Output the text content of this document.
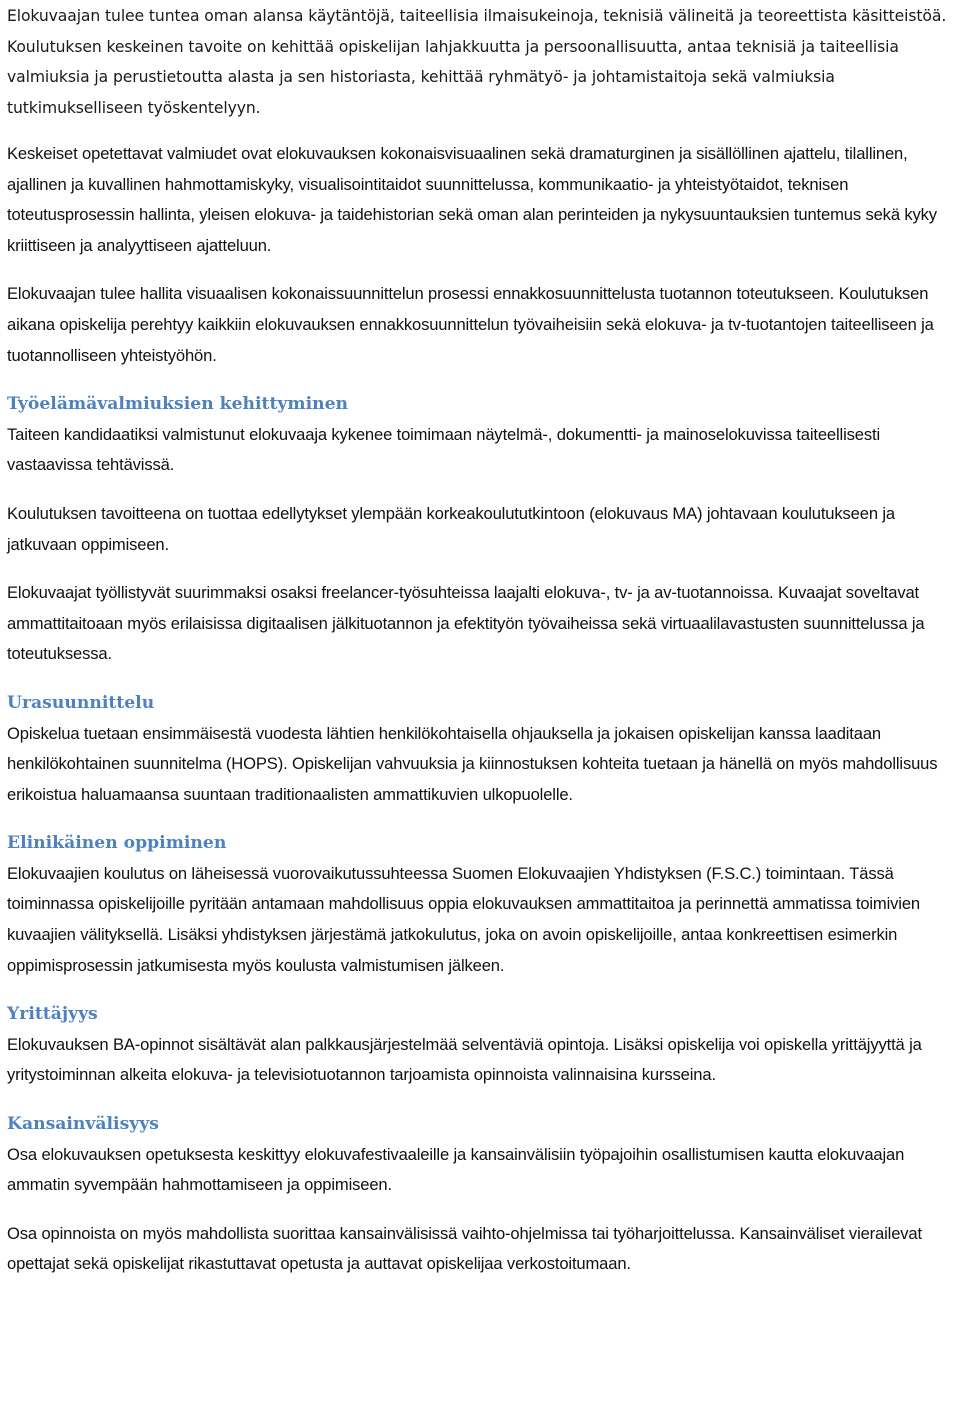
Elokuvaajan tulee tuntea oman alansa käytäntöjä, taiteellisia ilmaisukeinoja, teknisiä välineitä ja teoreettista käsitteistöä. Koulutuksen keskeinen tavoite on kehittää opiskelijan lahjakkuutta ja persoonallisuutta, antaa teknisiä ja taiteellisia valmiuksia ja perustietoutta alasta ja sen historiasta, kehittää ryhmätyö- ja johtamistaitoja sekä valmiuksia tutkimukselliseen työskentelyyn.

Keskeiset opetettavat valmiudet ovat elokuvauksen kokonaisvisuaalinen sekä dramaturginen ja sisällöllinen ajattelu, tilallinen, ajallinen ja kuvallinen hahmottamiskyky, visualisointitaidot suunnittelussa, kommunikaatio- ja yhteistyötaidot, teknisen toteutusprosessin hallinta, yleisen elokuva- ja taidehistorian sekä oman alan perinteiden ja nykysuuntauksien tuntemus sekä kyky kriittiseen ja analyyttiseen ajatteluun.

Elokuvaajan tulee hallita visuaalisen kokonaissuunnittelun prosessi ennakkosuunnittelusta tuotannon toteutukseen. Koulutuksen aikana opiskelija perehtyy kaikkiin elokuvauksen ennakkosuunnittelun työvaiheisiin sekä elokuva- ja tv-tuotantojen taiteelliseen ja tuotannolliseen yhteistyöhön.

Työelämävalmiuksien kehittyminen

Taiteen kandidaatiksi valmistunut elokuvaaja kykenee toimimaan näytelmä-, dokumentti- ja mainoselokuvissa taiteellisesti vastaavissa tehtävissä.

Koulutuksen tavoitteena on tuottaa edellytykset ylempään korkeakoulututkintoon (elokuvaus MA) johtavaan koulutukseen ja jatkuvaan oppimiseen.

Elokuvaajat työllistyvät suurimmaksi osaksi freelancer-työsuhteissa laajalti elokuva-, tv- ja av-tuotannoissa. Kuvaajat soveltavat ammattitaitoaan myös erilaisissa digitaalisen jälkituotannon ja efektityön työvaiheissa sekä virtuaalilavastusten suunnittelussa ja toteutuksessa.

Urasuunnittelu

Opiskelua tuetaan ensimmäisestä vuodesta lähtien henkilökohtaisella ohjauksella ja jokaisen opiskelijan kanssa laaditaan henkilökohtainen suunnitelma (HOPS). Opiskelijan vahvuuksia ja kiinnostuksen kohteita tuetaan ja hänellä on myös mahdollisuus erikoistua haluamaansa suuntaan traditionaalisten ammattikuvien ulkopuolelle.

Elinikäinen oppiminen

Elokuvaajien koulutus on läheisessä vuorovaikutussuhteessa Suomen Elokuvaajien Yhdistyksen (F.S.C.) toimintaan. Tässä toiminnassa opiskelijoille pyritään antamaan mahdollisuus oppia elokuvauksen ammattitaitoa ja perinnettä ammatissa toimivien kuvaajien välityksellä. Lisäksi yhdistyksen järjestämä jatkokulutus, joka on avoin opiskelijoille, antaa konkreettisen esimerkin oppimisprosessin jatkumisesta myös koulusta valmistumisen jälkeen.

Yrittäjyys

Elokuvauksen BA-opinnot sisältävät alan palkkausjärjestelmää selventäviä opintoja. Lisäksi opiskelija voi opiskella yrittäjyyttä ja yritystoiminnan alkeita elokuva- ja televisiotuotannon tarjoamista opinnoista valinnaisina kursseina.

Kansainvälisyys

Osa elokuvauksen opetuksesta keskittyy elokuvafestivaaleille ja kansainvälisiin työpajoihin osallistumisen kautta elokuvaajan ammatin syvempään hahmottamiseen ja oppimiseen.

Osa opinnoista on myös mahdollista suorittaa kansainvälisissä vaihto-ohjelmissa tai työharjoittelussa. Kansainväliset vierailevat opettajat sekä opiskelijat rikastuttavat opetusta ja auttavat opiskelijaa verkostoitumaan.
